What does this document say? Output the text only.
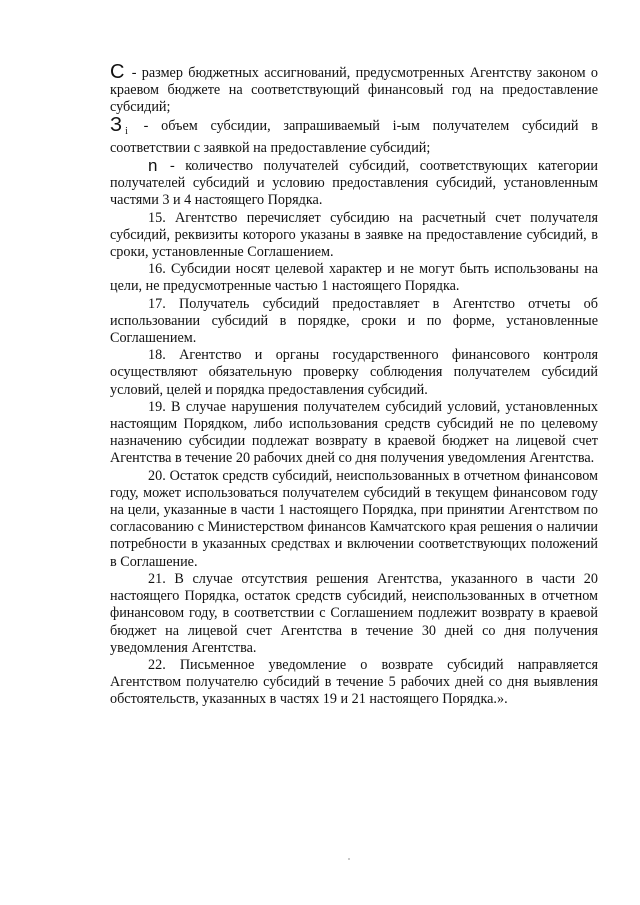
С - размер бюджетных ассигнований, предусмотренных Агентству законом о краевом бюджете на соответствующий финансовый год на предоставление субсидий;

З $_i$ - объем субсидии, запрашиваемый i-ым получателем субсидий в соответствии с заявкой на предоставление субсидий;

n - количество получателей субсидий, соответствующих категории получателей субсидий и условию предоставления субсидий, установленным частями 3 и 4 настоящего Порядка.

15. Агентство перечисляет субсидию на расчетный счет получателя субсидий, реквизиты которого указаны в заявке на предоставление субсидий, в сроки, установленные Соглашением.

16. Субсидии носят целевой характер и не могут быть использованы на цели, не предусмотренные частью 1 настоящего Порядка.

17. Получатель субсидий предоставляет в Агентство отчеты об использовании субсидий в порядке, сроки и по форме, установленные Соглашением.

18. Агентство и органы государственного финансового контроля осуществляют обязательную проверку соблюдения получателем субсидий условий, целей и порядка предоставления субсидий.

19. В случае нарушения получателем субсидий условий, установленных настоящим Порядком, либо использования средств субсидий не по целевому назначению субсидии подлежат возврату в краевой бюджет на лицевой счет Агентства в течение 20 рабочих дней со дня получения уведомления Агентства.

20. Остаток средств субсидий, неиспользованных в отчетном финансовом году, может использоваться получателем субсидий в текущем финансовом году на цели, указанные в части 1 настоящего Порядка, при принятии Агентством по согласованию с Министерством финансов Камчатского края решения о наличии потребности в указанных средствах и включении соответствующих положений в Соглашение.

21. В случае отсутствия решения Агентства, указанного в части 20 настоящего Порядка, остаток средств субсидий, неиспользованных в отчетном финансовом году, в соответствии с Соглашением подлежит возврату в краевой бюджет на лицевой счет Агентства в течение 30 дней со дня получения уведомления Агентства.

22. Письменное уведомление о возврате субсидий направляется Агентством получателю субсидий в течение 5 рабочих дней со дня выявления обстоятельств, указанных в частях 19 и 21 настоящего Порядка.».
